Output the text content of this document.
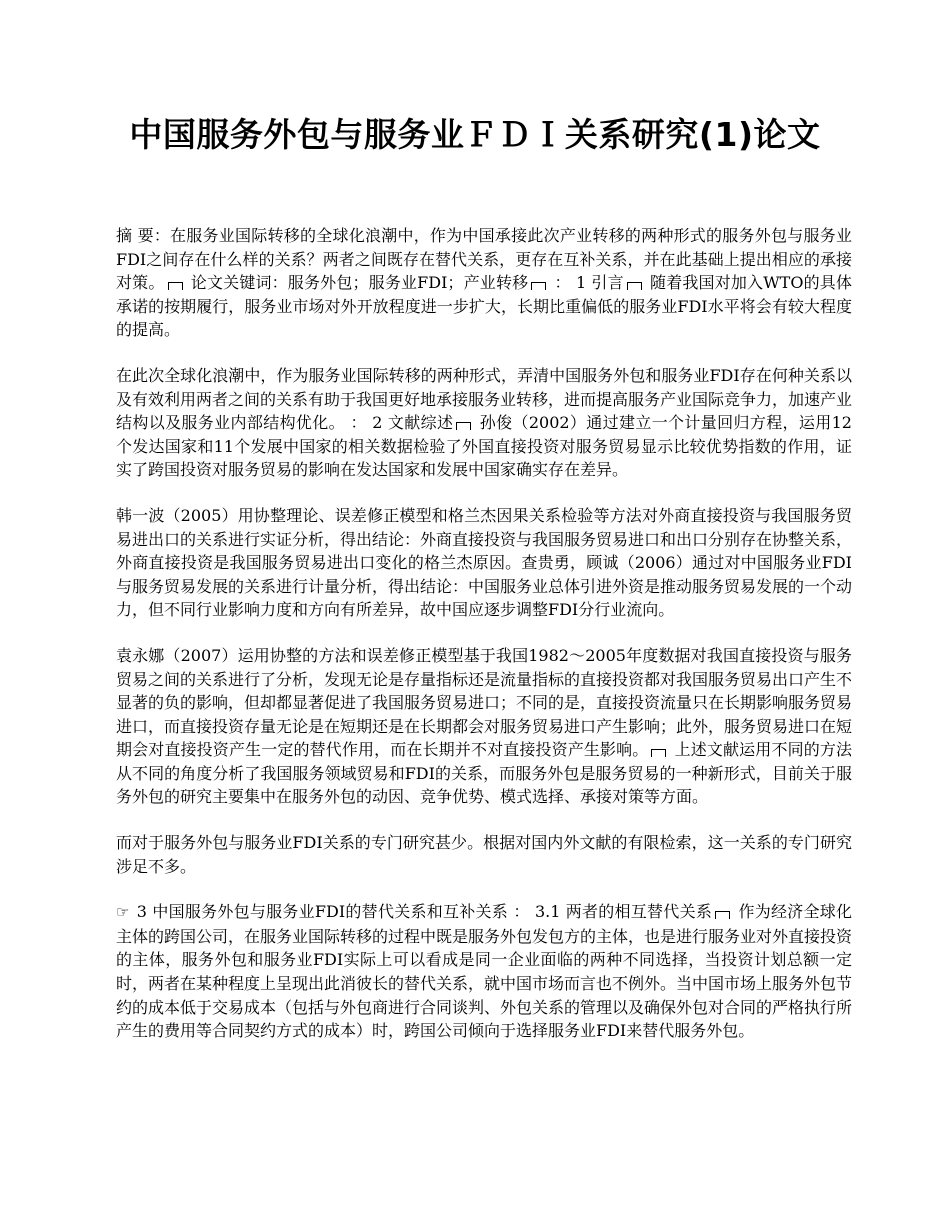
中国服务外包与服务业ＦＤＩ关系研究(1)论文

摘 要：在服务业国际转移的全球化浪潮中，作为中国承接此次产业转移的两种形式的服务外包与服务业FDI之间存在什么样的关系？两者之间既存在替代关系，更存在互补关系，并在此基础上提出相应的承接对策。 论文关键词：服务外包；服务业FDI；产业转移 ： 1 引言 随着我国对加入WTO的具体承诺的按期履行，服务业市场对外开放程度进一步扩大，长期比重偏低的服务业FDI水平将会有较大程度的提高。

在此次全球化浪潮中，作为服务业国际转移的两种形式，弄清中国服务外包和服务业FDI存在何种关系以及有效利用两者之间的关系有助于我国更好地承接服务业转移，进而提高服务产业国际竞争力，加速产业结构以及服务业内部结构优化。 ： 2 文献综述 孙俊（2002）通过建立一个计量回归方程，运用12个发达国家和11个发展中国家的相关数据检验了外国直接投资对服务贸易显示比较优势指数的作用，证实了跨国投资对服务贸易的影响在发达国家和发展中国家确实存在差异。

韩一波（2005）用协整理论、误差修正模型和格兰杰因果关系检验等方法对外商直接投资与我国服务贸易进出口的关系进行实证分析，得出结论：外商直接投资与我国服务贸易进口和出口分别存在协整关系，外商直接投资是我国服务贸易进出口变化的格兰杰原因。查贵勇，顾诚（2006）通过对中国服务业FDI与服务贸易发展的关系进行计量分析，得出结论：中国服务业总体引进外资是推动服务贸易发展的一个动力，但不同行业影响力度和方向有所差异，故中国应逐步调整FDI分行业流向。

袁永娜（2007）运用协整的方法和误差修正模型基于我国1982～2005年度数据对我国直接投资与服务贸易之间的关系进行了分析，发现无论是存量指标还是流量指标的直接投资都对我国服务贸易出口产生不显著的负的影响，但却都显著促进了我国服务贸易进口；不同的是，直接投资流量只在长期影响服务贸易进口，而直接投资存量无论是在短期还是在长期都会对服务贸易进口产生影响；此外，服务贸易进口在短期会对直接投资产生一定的替代作用，而在长期并不对直接投资产生影响。 上述文献运用不同的方法从不同的角度分析了我国服务领域贸易和FDI的关系，而服务外包是服务贸易的一种新形式，目前关于服务外包的研究主要集中在服务外包的动因、竞争优势、模式选择、承接对策等方面。

而对于服务外包与服务业FDI关系的专门研究甚少。根据对国内外文献的有限检索，这一关系的专门研究涉足不多。

☞ 3 中国服务外包与服务业FDI的替代关系和互补关系 ： 3.1 两者的相互替代关系 作为经济全球化主体的跨国公司，在服务业国际转移的过程中既是服务外包发包方的主体，也是进行服务业对外直接投资的主体，服务外包和服务业FDI实际上可以看成是同一企业面临的两种不同选择，当投资计划总额一定时，两者在某种程度上呈现出此消彼长的替代关系，就中国市场而言也不例外。当中国市场上服务外包节约的成本低于交易成本（包括与外包商进行合同谈判、外包关系的管理以及确保外包对合同的严格执行所产生的费用等合同契约方式的成本）时，跨国公司倾向于选择服务业FDI来替代服务外包。
